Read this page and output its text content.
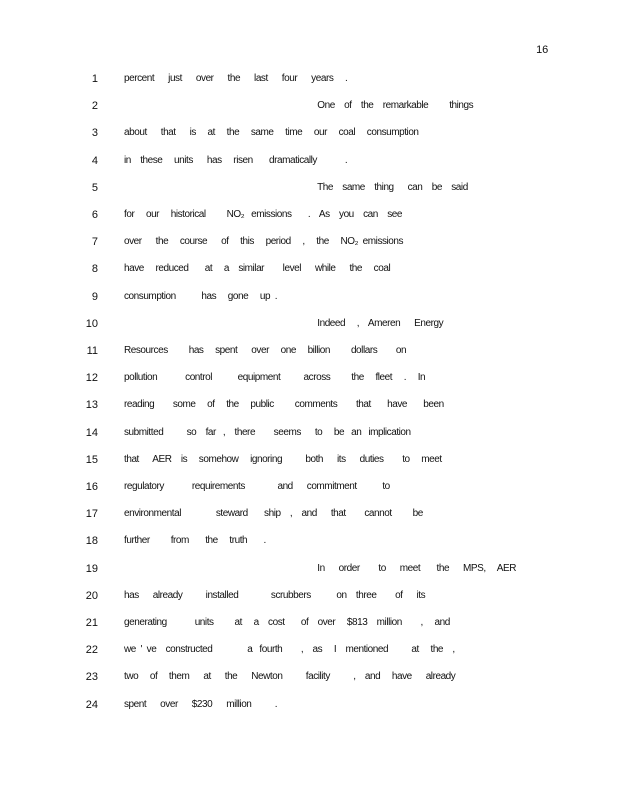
16
1	percent      just      over      the      last      four      years     .
2	One    of    the    remarkable         things
3	about      that      is     at     the     same     time     our     coal     consumption
4	in    these     units      has     risen       dramatically            .
5	The    same    thing      can    be    said
6	for     our     historical         NO₂   emissions       .    As    you    can    see
7	over      the     course      of     this     period     ,     the     NO₂  emissions
8	have     reduced       at     a    similar        level      while      the     coal
9	consumption           has     gone     up  .
10	Indeed     ,    Ameren      Energy
11	Resources         has     spent      over     one     billion         dollars        on
12	pollution            control           equipment          across         the     fleet     .     In
13	reading        some     of     the     public         comments        that       have       been
14	submitted          so    far   ,    there        seems      to     be   an   implication
15	that      AER    is     somehow     ignoring          both      its      duties        to     meet
16	regulatory            requirements              and      commitment           to
17	environmental               steward       ship    ,    and      that        cannot         be
18	further         from       the     truth       .
19	In      order        to      meet       the      MPS,     AER
20	has      already          installed              scrubbers           on    three        of      its
21	generating            units         at     a    cost       of    over     $813    million        ,     and
22	we  '  ve    constructed               a   fourth        ,    as     I    mentioned          at     the    ,
23	two     of     them      at      the      Newton          facility          ,    and     have      already
24	spent      over      $230      million          .
